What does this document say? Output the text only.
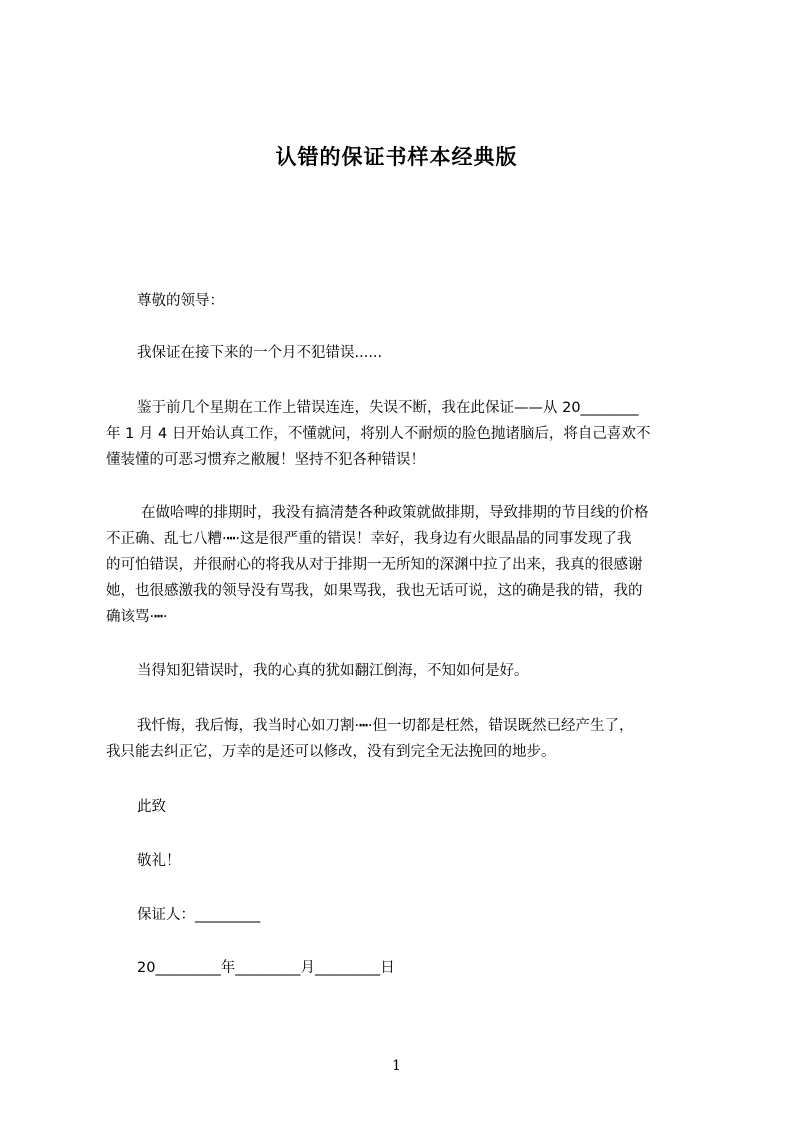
认错的保证书样本经典版
尊敬的领导：
我保证在接下来的一个月不犯错误......
鉴于前几个星期在工作上错误连连，失误不断，我在此保证——从 20________
年 1 月 4 日开始认真工作，不懂就问，将别人不耐烦的脸色抛诸脑后，将自己喜欢不
懂装懂的可恶习惯弃之敝履！坚持不犯各种错误！
在做哈啤的排期时，我没有搞清楚各种政策就做排期，导致排期的节目线的价格
不正确、乱七八糟·┅·这是很严重的错误！幸好，我身边有火眼晶晶的同事发现了我
的可怕错误，并很耐心的将我从对于排期一无所知的深渊中拉了出来，我真的很感谢
她，也很感激我的领导没有骂我，如果骂我，我也无话可说，这的确是我的错，我的
确该骂·┅·
当得知犯错误时，我的心真的犹如翻江倒海，不知如何是好。
我忏悔，我后悔，我当时心如刀割·┅·但一切都是枉然，错误既然已经产生了，
我只能去纠正它，万幸的是还可以修改，没有到完全无法挽回的地步。
此致
敬礼！
保证人：_________
20_________年_________月_________日
1
